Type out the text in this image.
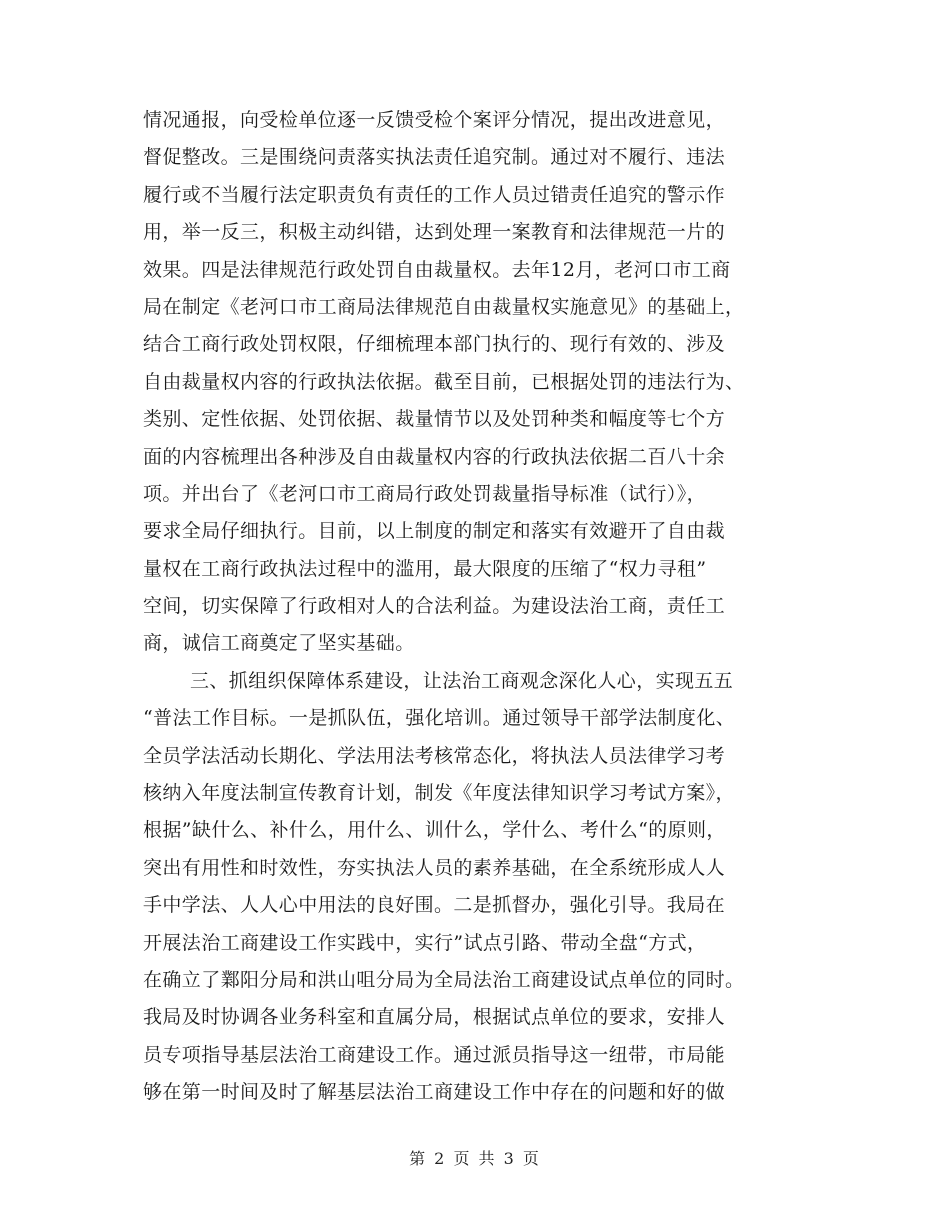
情况通报，向受检单位逐一反馈受检个案评分情况，提出改进意见，
督促整改。三是围绕问责落实执法责任追究制。通过对不履行、违法
履行或不当履行法定职责负有责任的工作人员过错责任追究的警示作
用，举一反三，积极主动纠错，达到处理一案教育和法律规范一片的
效果。四是法律规范行政处罚自由裁量权。去年12月，老河口市工商
局在制定《老河口市工商局法律规范自由裁量权实施意见》的基础上，
结合工商行政处罚权限，仔细梳理本部门执行的、现行有效的、涉及
自由裁量权内容的行政执法依据。截至目前，已根据处罚的违法行为、
类别、定性依据、处罚依据、裁量情节以及处罚种类和幅度等七个方
面的内容梳理出各种涉及自由裁量权内容的行政执法依据二百八十余
项。并出台了《老河口市工商局行政处罚裁量指导标准（试行）》，
要求全局仔细执行。目前，以上制度的制定和落实有效避开了自由裁
量权在工商行政执法过程中的滥用，最大限度的压缩了“权力寻租”
空间，切实保障了行政相对人的合法利益。为建设法治工商，责任工
商，诚信工商奠定了坚实基础。
三、抓组织保障体系建设，让法治工商观念深化人心，实现五五
“普法工作目标。一是抓队伍，强化培训。通过领导干部学法制度化、
全员学法活动长期化、学法用法考核常态化，将执法人员法律学习考
核纳入年度法制宣传教育计划，制发《年度法律知识学习考试方案》，
根据”缺什么、补什么，用什么、训什么，学什么、考什么“的原则，
突出有用性和时效性，夯实执法人员的素养基础，在全系统形成人人
手中学法、人人心中用法的良好围。二是抓督办，强化引导。我局在
开展法治工商建设工作实践中，实行”试点引路、带动全盘“方式，
在确立了鄴阳分局和洪山咀分局为全局法治工商建设试点单位的同时。
我局及时协调各业务科室和直属分局，根据试点单位的要求，安排人
员专项指导基层法治工商建设工作。通过派员指导这一纽带，市局能
够在第一时间及时了解基层法治工商建设工作中存在的问题和好的做
第 2 页 共 3 页
